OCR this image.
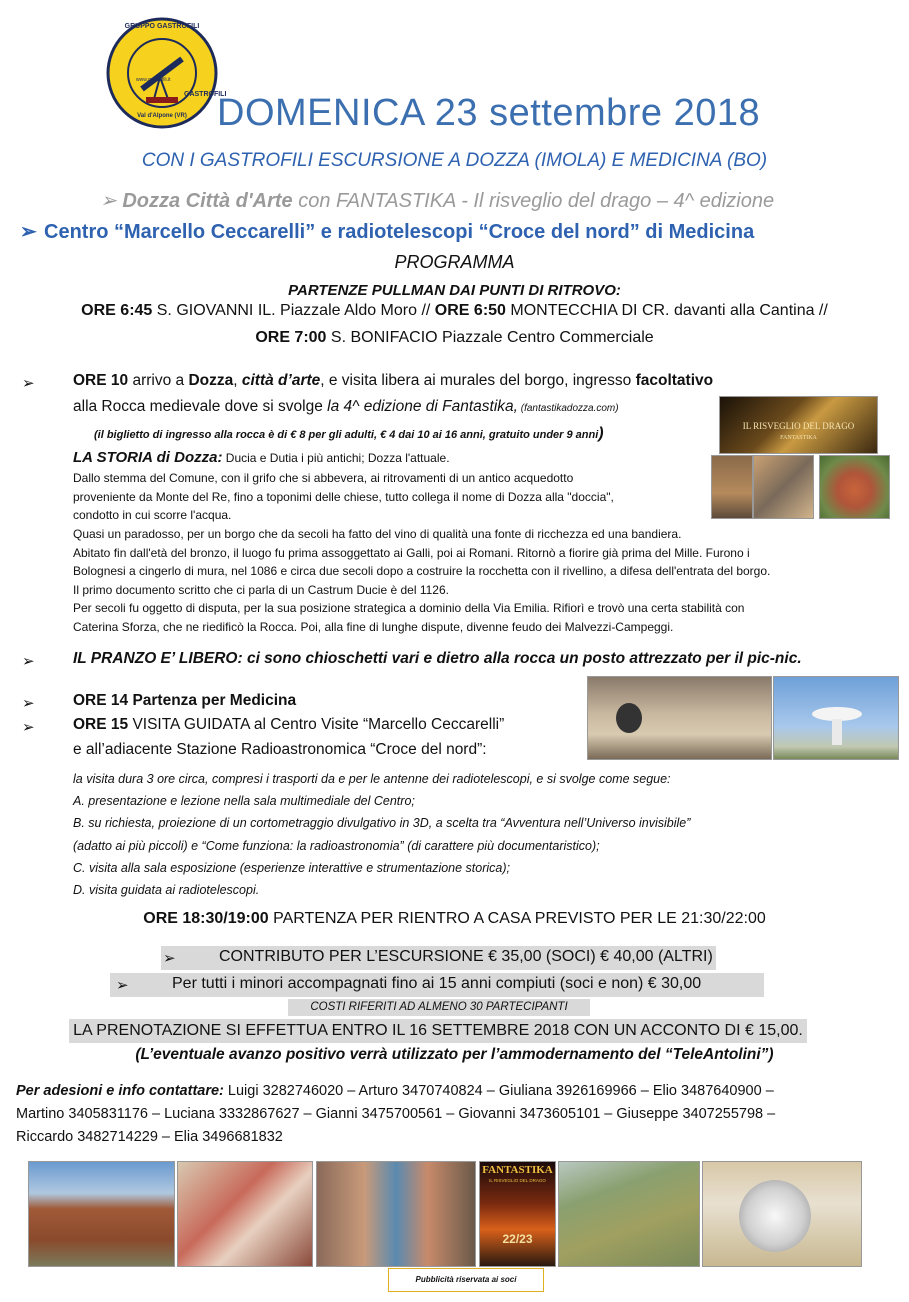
GRUPPO GASTROFILI
www.gastrofili.it
GASTROFILI
Val d'Alpone (VR) DOMENICA 23 settembre 2018
CON I GASTROFILI ESCURSIONE A DOZZA (IMOLA) E MEDICINA (BO)
➢ Dozza Città d'Arte con FANTASTIKA - Il risveglio del drago – 4^ edizione
➢ Centro “Marcello Ceccarelli” e radiotelescopi “Croce del nord” di Medicina
PROGRAMMA
PARTENZE PULLMAN DAI PUNTI DI RITROVO:
ORE 6:45 S. GIOVANNI IL. Piazzale Aldo Moro // ORE 6:50 MONTECCHIA DI CR. davanti alla Cantina //
ORE 7:00 S. BONIFACIO Piazzale Centro Commerciale
➢ ORE 10 arrivo a Dozza, città d’arte, e visita libera ai murales del borgo, ingresso facoltativo
alla Rocca medievale dove si svolge la 4^ edizione di Fantastika, (fantastikadozza.com)
(il biglietto di ingresso alla rocca è di € 8 per gli adulti, € 4 dai 10 ai 16 anni, gratuito under 9 anni)	IL RISVEGLIO DEL DRAGO
FANTASTIKA
LA STORIA di Dozza: Ducia e Dutia i più antichi; Dozza l'attuale.
Dallo stemma del Comune, con il grifo che si abbevera, ai ritrovamenti di un antico acquedotto
proveniente da Monte del Re, fino a toponimi delle chiese, tutto collega il nome di Dozza alla "doccia",
condotto in cui scorre l'acqua.
Quasi un paradosso, per un borgo che da secoli ha fatto del vino di qualità una fonte di ricchezza ed una bandiera.
Abitato fin dall'età del bronzo, il luogo fu prima assoggettato ai Galli, poi ai Romani. Ritornò a fiorire già prima del Mille. Furono i
Bolognesi a cingerlo di mura, nel 1086 e circa due secoli dopo a costruire la rocchetta con il rivellino, a difesa dell'entrata del borgo.
Il primo documento scritto che ci parla di un Castrum Ducie è del 1126.
Per secoli fu oggetto di disputa, per la sua posizione strategica a dominio della Via Emilia. Rifiorì e trovò una certa stabilità con
Caterina Sforza, che ne riedificò la Rocca. Poi, alla fine di lunghe dispute, divenne feudo dei Malvezzi-Campeggi.
➢ IL PRANZO E’ LIBERO: ci sono chioschetti vari e dietro alla rocca un posto attrezzato per il pic-nic.
➢ ORE 14 Partenza per Medicina
➢ ORE 15 VISITA GUIDATA al Centro Visite “Marcello Ceccarelli”
e all’adiacente Stazione Radioastronomica “Croce del nord”:
la visita dura 3 ore circa, compresi i trasporti da e per le antenne dei radiotelescopi, e si svolge come segue:
A. presentazione e lezione nella sala multimediale del Centro;
B. su richiesta, proiezione di un cortometraggio divulgativo in 3D, a scelta tra “Avventura nell’Universo invisibile”
(adatto ai più piccoli) e “Come funziona: la radioastronomia” (di carattere più documentaristico);
C. visita alla sala esposizione (esperienze interattive e strumentazione storica);
D. visita guidata ai radiotelescopi.
ORE 18:30/19:00 PARTENZA PER RIENTRO A CASA PREVISTO PER LE 21:30/22:00
➢	CONTRIBUTO PER L’ESCURSIONE € 35,00 (SOCI) € 40,00 (ALTRI)
➢	Per tutti i minori accompagnati fino ai 15 anni compiuti (soci e non) € 30,00
COSTI RIFERITI AD ALMENO 30 PARTECIPANTI
LA PRENOTAZIONE SI EFFETTUA ENTRO IL 16 SETTEMBRE 2018 CON UN ACCONTO DI € 15,00.
(L’eventuale avanzo positivo verrà utilizzato per l’ammodernamento del “TeleAntolini”)
Per adesioni e info contattare: Luigi 3282746020 – Arturo 3470740824 – Giuliana 3926169966 – Elio 3487640900 –
Martino 3405831176 – Luciana 3332867627 – Gianni 3475700561 – Giovanni 3473605101 – Giuseppe 3407255798 –
Riccardo 3482714229 – Elia 3496681832
FANTASTIKA
IL RISVEGLIO DEL DRAGO
22/23
Pubblicità riservata ai soci
